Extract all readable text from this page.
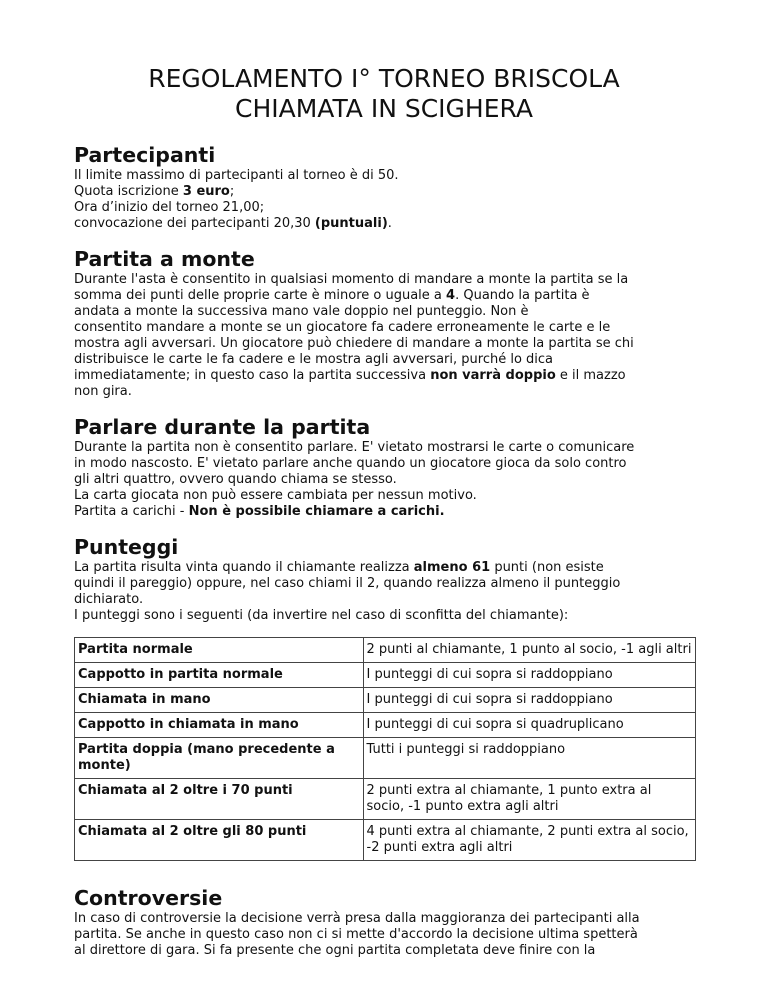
REGOLAMENTO I° TORNEO BRISCOLA
CHIAMATA IN SCIGHERA
Partecipanti

Il limite massimo di partecipanti al torneo è di 50.
Quota iscrizione 3 euro;
Ora d’inizio del torneo 21,00;
convocazione dei partecipanti 20,30 (puntuali).

Partita a monte

Durante l'asta è consentito in qualsiasi momento di mandare a monte la partita se la
somma dei punti delle proprie carte è minore o uguale a 4. Quando la partita è
andata a monte la successiva mano vale doppio nel punteggio. Non è
consentito mandare a monte se un giocatore fa cadere erroneamente le carte e le
mostra agli avversari. Un giocatore può chiedere di mandare a monte la partita se chi
distribuisce le carte le fa cadere e le mostra agli avversari, purché lo dica
immediatamente; in questo caso la partita successiva non varrà doppio e il mazzo
non gira.

Parlare durante la partita

Durante la partita non è consentito parlare. E' vietato mostrarsi le carte o comunicare
in modo nascosto. E' vietato parlare anche quando un giocatore gioca da solo contro
gli altri quattro, ovvero quando chiama se stesso.
La carta giocata non può essere cambiata per nessun motivo.
Partita a carichi - Non è possibile chiamare a carichi.

Punteggi

La partita risulta vinta quando il chiamante realizza almeno 61 punti (non esiste
quindi il pareggio) oppure, nel caso chiami il 2, quando realizza almeno il punteggio
dichiarato.
I punteggi sono i seguenti (da invertire nel caso di sconfitta del chiamante):

Partita normale	2 punti al chiamante, 1 punto al socio, -1 agli altri
Cappotto in partita normale	I punteggi di cui sopra si raddoppiano
Chiamata in mano	I punteggi di cui sopra si raddoppiano
Cappotto in chiamata in mano	I punteggi di cui sopra si quadruplicano
Partita doppia (mano precedente a monte)	Tutti i punteggi si raddoppiano
Chiamata al 2 oltre i 70 punti	2 punti extra al chiamante, 1 punto extra al socio, -1 punto extra agli altri
Chiamata al 2 oltre gli 80 punti	4 punti extra al chiamante, 2 punti extra al socio, -2 punti extra agli altri
Controversie

In caso di controversie la decisione verrà presa dalla maggioranza dei partecipanti alla
partita. Se anche in questo caso non ci si mette d'accordo la decisione ultima spetterà
al direttore di gara. Si fa presente che ogni partita completata deve finire con la
